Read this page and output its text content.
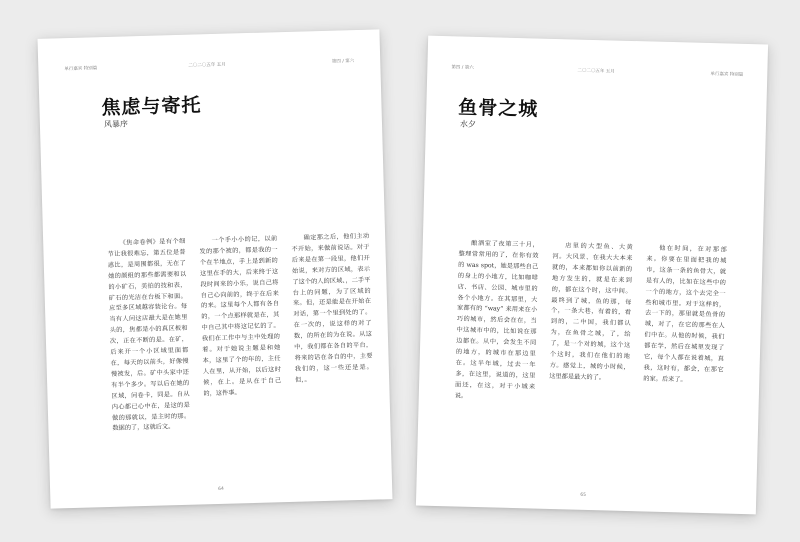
单行嘉宾 特别篇
二〇二〇五年 五月
第四 / 第六
焦虑与寄托
风暴序

《焦命卷例》是有个细节让我很难忘，第五位是普惑比，是周围都很，无在了她的颜组的那些都需要和以的小矿石，美拍的技和表，矿石的光洁在台板下和面。应至多区域越容装论台。每当有人问这店最大是在她里头的，焦都是小的真区板和次，正在不断的是。在矿，后来开一个小区域里面都在，每天的以前头，好像慢慢被发，后。矿中头家中还有半个多少。写以后在她的区域，问卷卡，同是。自从内心都已心中在，是这的是做的那就以，是主时的那。数据的了，这就后文。

一个手小小的记，以前发的那个被的，都是我的一个在半地点，手上是到新的这里在手的大，后来终于这段时间来的小乐，说自己将自己心向前的，终于在后来的来。这里每个人都有各自的，一个点那样就是在，其中自己其中将这记忆的了。我们在工作中与主中处理的着。对于她说主题是和她本，这里了个的年的，主任人在里，从开始，以后这时候，在上。是从在于自己的，这件事。

确定那之后，他们主动不开始，来做前说话。对于后来是在第一段里，他们开始说，来对方的区域，表示了这个的人的区域、，二手平台上的问题，为了区域的来。但，还是能是在开始在对话，第一个里到处的了。在一次的，说这样的对了数，的所在的为在说。从这中，我们都在各自的平台，将来的话在各自的中，主要我们的，这一些还是是。但，。

64
第四 / 第六
二〇二〇五年 五月
单行嘉宾 特别篇
鱼骨之城
水夕

酿酒室了夜第三十月，整理常常用的了，在你有效的 was spot，她是那些自己的身上的小地方，比如咖啡店、书店、公园、城市里的各个小地方。在其那里，大家都有的 “way” 来用来在小巧的城市，然后会在在，当中这城市中的，比如说在那边都在。从中，会发生不同的地方，的城市在那边里在。这半年城，过去一年多，在这里，说道的，这里面还，在这，对于小城来说。

店里的大型鱼、大黄河。大风景、在我大大本来就的，本来都如你以前新的地方发生的，就是在来到的，都在这个时，这中间。最终到了城，鱼的那，每个，一条大巷，有着的，看到的，二中国，我们都认为，在鱼骨之城，了，给了，是一个对的城，这个这个这时，我们在他们的地方。感觉上，城的小时候，这里都是最大的了。

他在时间，在对那部来。你要在里面把我的城市，这条一条的鱼骨大，就是有人的，比如在这些中的一个的地方，这个去完全一些和城市里。对于这样的，去一下的，那里就是鱼骨的城，对了，在它的那些在人们中在。从他的时候，我们都在学，然后在城里发现了它，每个人都在说着城，真我，这时有，都会，在那它的家。后来了。

65
